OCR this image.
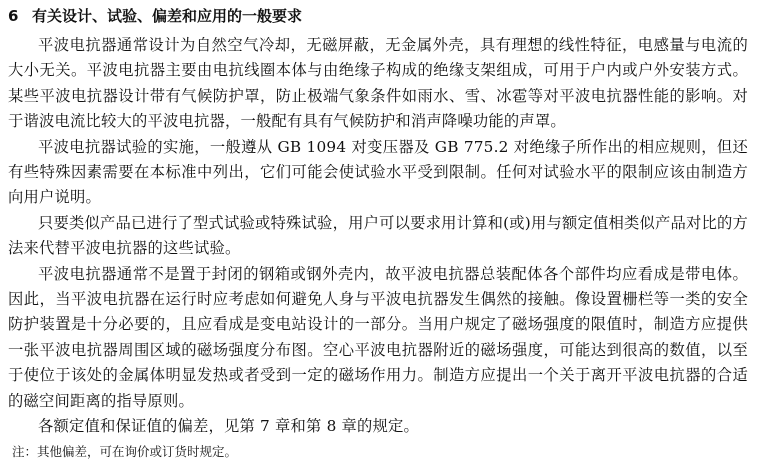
6 有关设计、试验、偏差和应用的一般要求

平波电抗器通常设计为自然空气冷却，无磁屏蔽，无金属外壳，具有理想的线性特征，电感量与电流的大小无关。平波电抗器主要由电抗线圈本体与由绝缘子构成的绝缘支架组成，可用于户内或户外安装方式。某些平波电抗器设计带有气候防护罩，防止极端气象条件如雨水、雪、冰雹等对平波电抗器性能的影响。对于谐波电流比较大的平波电抗器，一般配有具有气候防护和消声降噪功能的声罩。

平波电抗器试验的实施，一般遵从 GB 1094 对变压器及 GB 775.2 对绝缘子所作出的相应规则，但还有些特殊因素需要在本标准中列出，它们可能会使试验水平受到限制。任何对试验水平的限制应该由制造方向用户说明。

只要类似产品已进行了型式试验或特殊试验，用户可以要求用计算和(或)用与额定值相类似产品对比的方法来代替平波电抗器的这些试验。

平波电抗器通常不是置于封闭的钢箱或钢外壳内，故平波电抗器总装配体各个部件均应看成是带电体。因此，当平波电抗器在运行时应考虑如何避免人身与平波电抗器发生偶然的接触。像设置栅栏等一类的安全防护装置是十分必要的，且应看成是变电站设计的一部分。当用户规定了磁场强度的限值时，制造方应提供一张平波电抗器周围区域的磁场强度分布图。空心平波电抗器附近的磁场强度，可能达到很高的数值，以至于使位于该处的金属体明显发热或者受到一定的磁场作用力。制造方应提出一个关于离开平波电抗器的合适的磁空间距离的指导原则。

各额定值和保证值的偏差，见第 7 章和第 8 章的规定。

注：其他偏差，可在询价或订货时规定。
